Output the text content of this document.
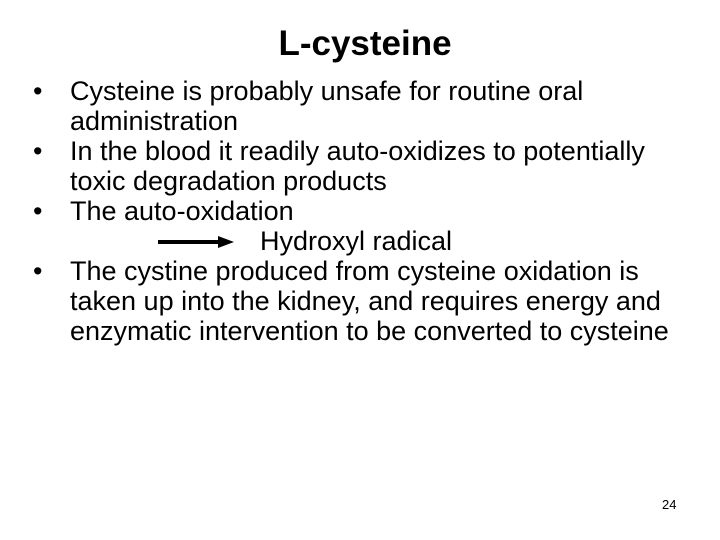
L-cysteine
• Cysteine is probably unsafe for routine oral administration
• In the blood it readily auto-oxidizes to potentially toxic degradation products
• The auto-oxidation
Hydroxyl radical
• The cystine produced from cysteine oxidation is taken up into the kidney, and requires energy and enzymatic intervention to be converted to cysteine
24
